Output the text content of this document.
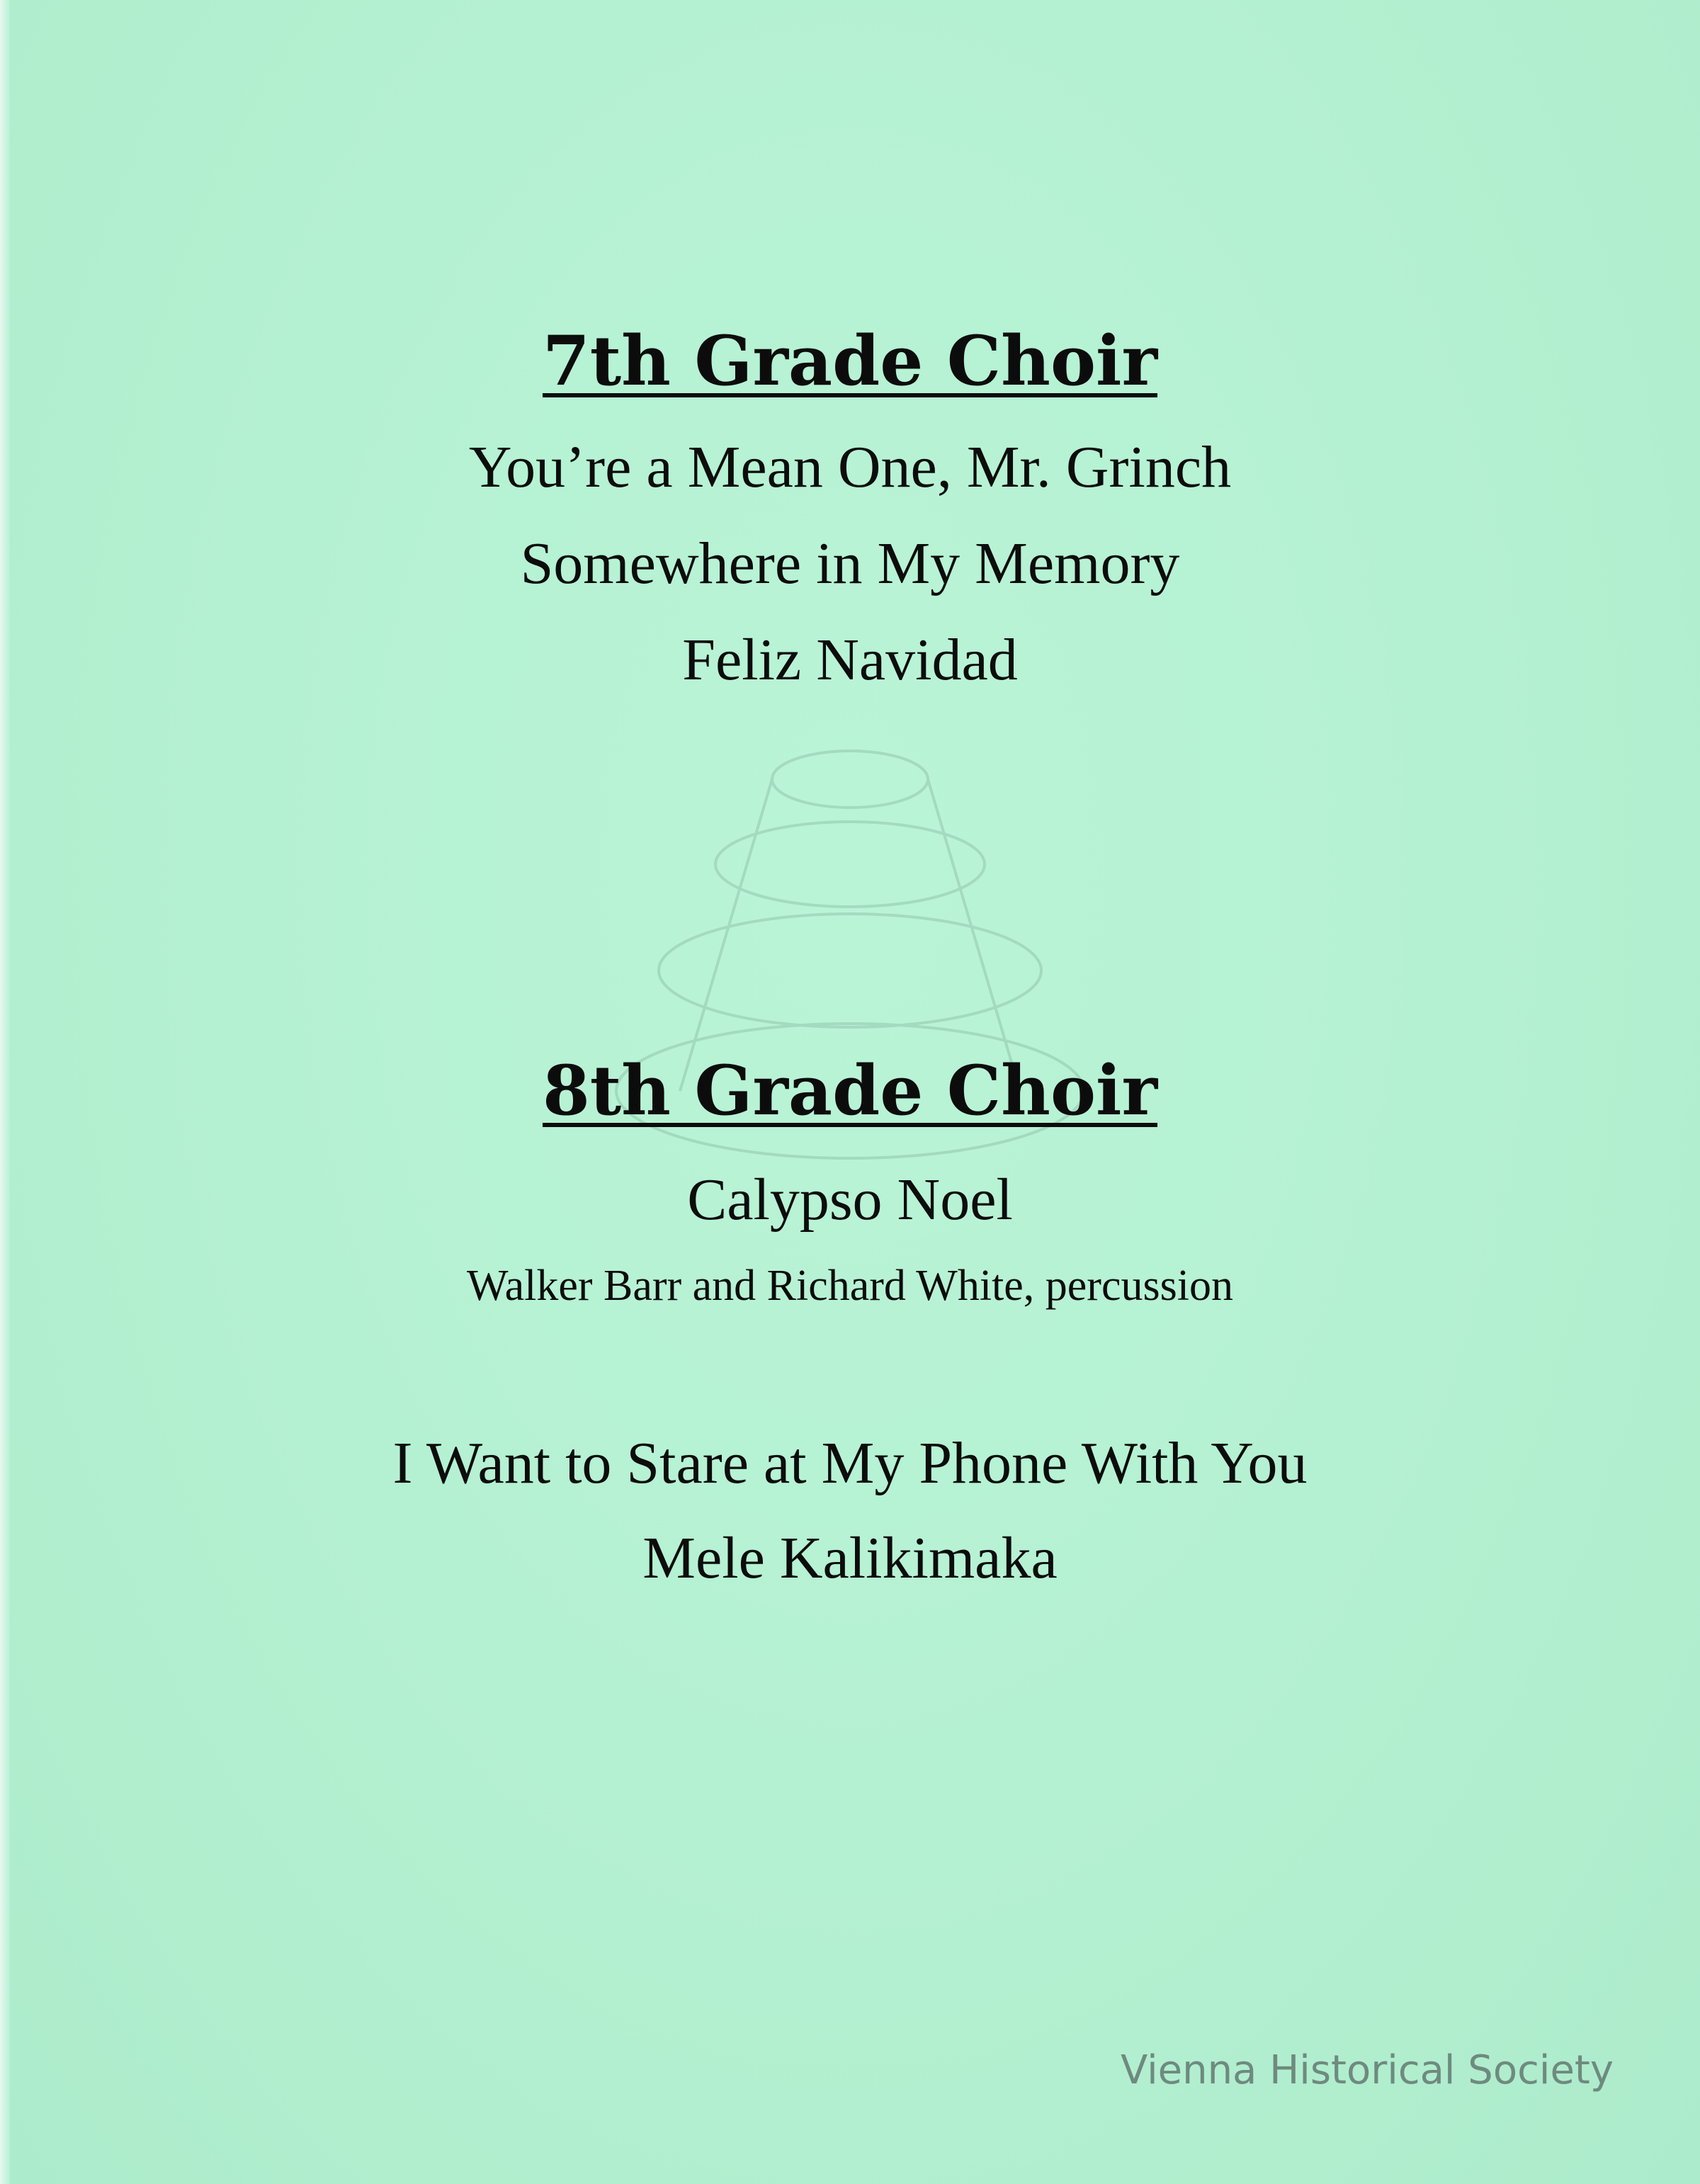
7th Grade Choir

You’re a Mean One, Mr. Grinch

Somewhere in My Memory

Feliz Navidad

8th Grade Choir

Calypso Noel

Walker Barr and Richard White, percussion

I Want to Stare at My Phone With You

Mele Kalikimaka

Vienna Historical Society
